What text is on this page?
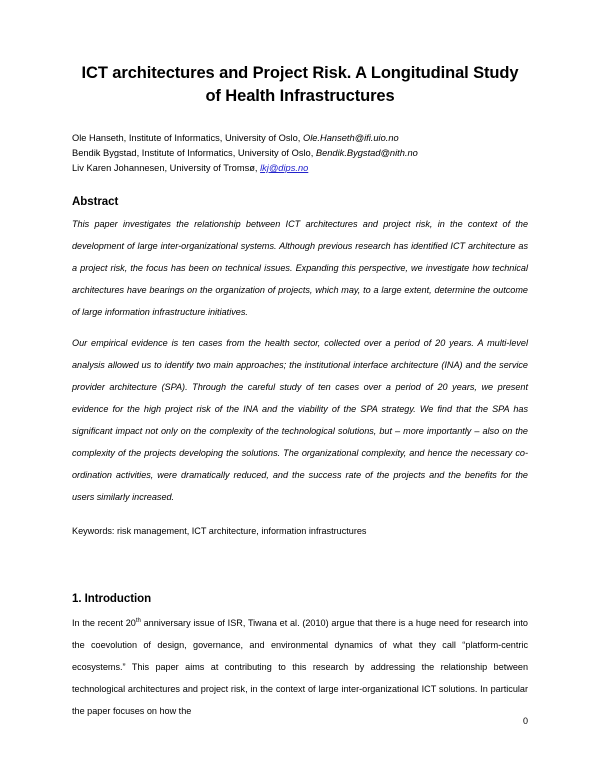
ICT architectures and Project Risk. A Longitudinal Study of Health Infrastructures
Ole Hanseth, Institute of Informatics, University of Oslo, Ole.Hanseth@ifi.uio.no
Bendik Bygstad, Institute of Informatics, University of Oslo, Bendik.Bygstad@nith.no
Liv Karen Johannesen, University of Tromsø, lkj@dips.no
Abstract

This paper investigates the relationship between ICT architectures and project risk, in the context of the development of large inter-organizational systems. Although previous research has identified ICT architecture as a project risk, the focus has been on technical issues. Expanding this perspective, we investigate how technical architectures have bearings on the organization of projects, which may, to a large extent, determine the outcome of large information infrastructure initiatives.

Our empirical evidence is ten cases from the health sector, collected over a period of 20 years. A multi-level analysis allowed us to identify two main approaches; the institutional interface architecture (INA) and the service provider architecture (SPA). Through the careful study of ten cases over a period of 20 years, we present evidence for the high project risk of the INA and the viability of the SPA strategy. We find that the SPA has significant impact not only on the complexity of the technological solutions, but – more importantly – also on the complexity of the projects developing the solutions. The organizational complexity, and hence the necessary co-ordination activities, were dramatically reduced, and the success rate of the projects and the benefits for the users similarly increased.

Keywords: risk management, ICT architecture, information infrastructures

1. Introduction

In the recent 20th anniversary issue of ISR, Tiwana et al. (2010) argue that there is a huge need for research into the coevolution of design, governance, and environmental dynamics of what they call “platform-centric ecosystems.” This paper aims at contributing to this research by addressing the relationship between technological architectures and project risk, in the context of large inter-organizational ICT solutions. In particular the paper focuses on how the

0
